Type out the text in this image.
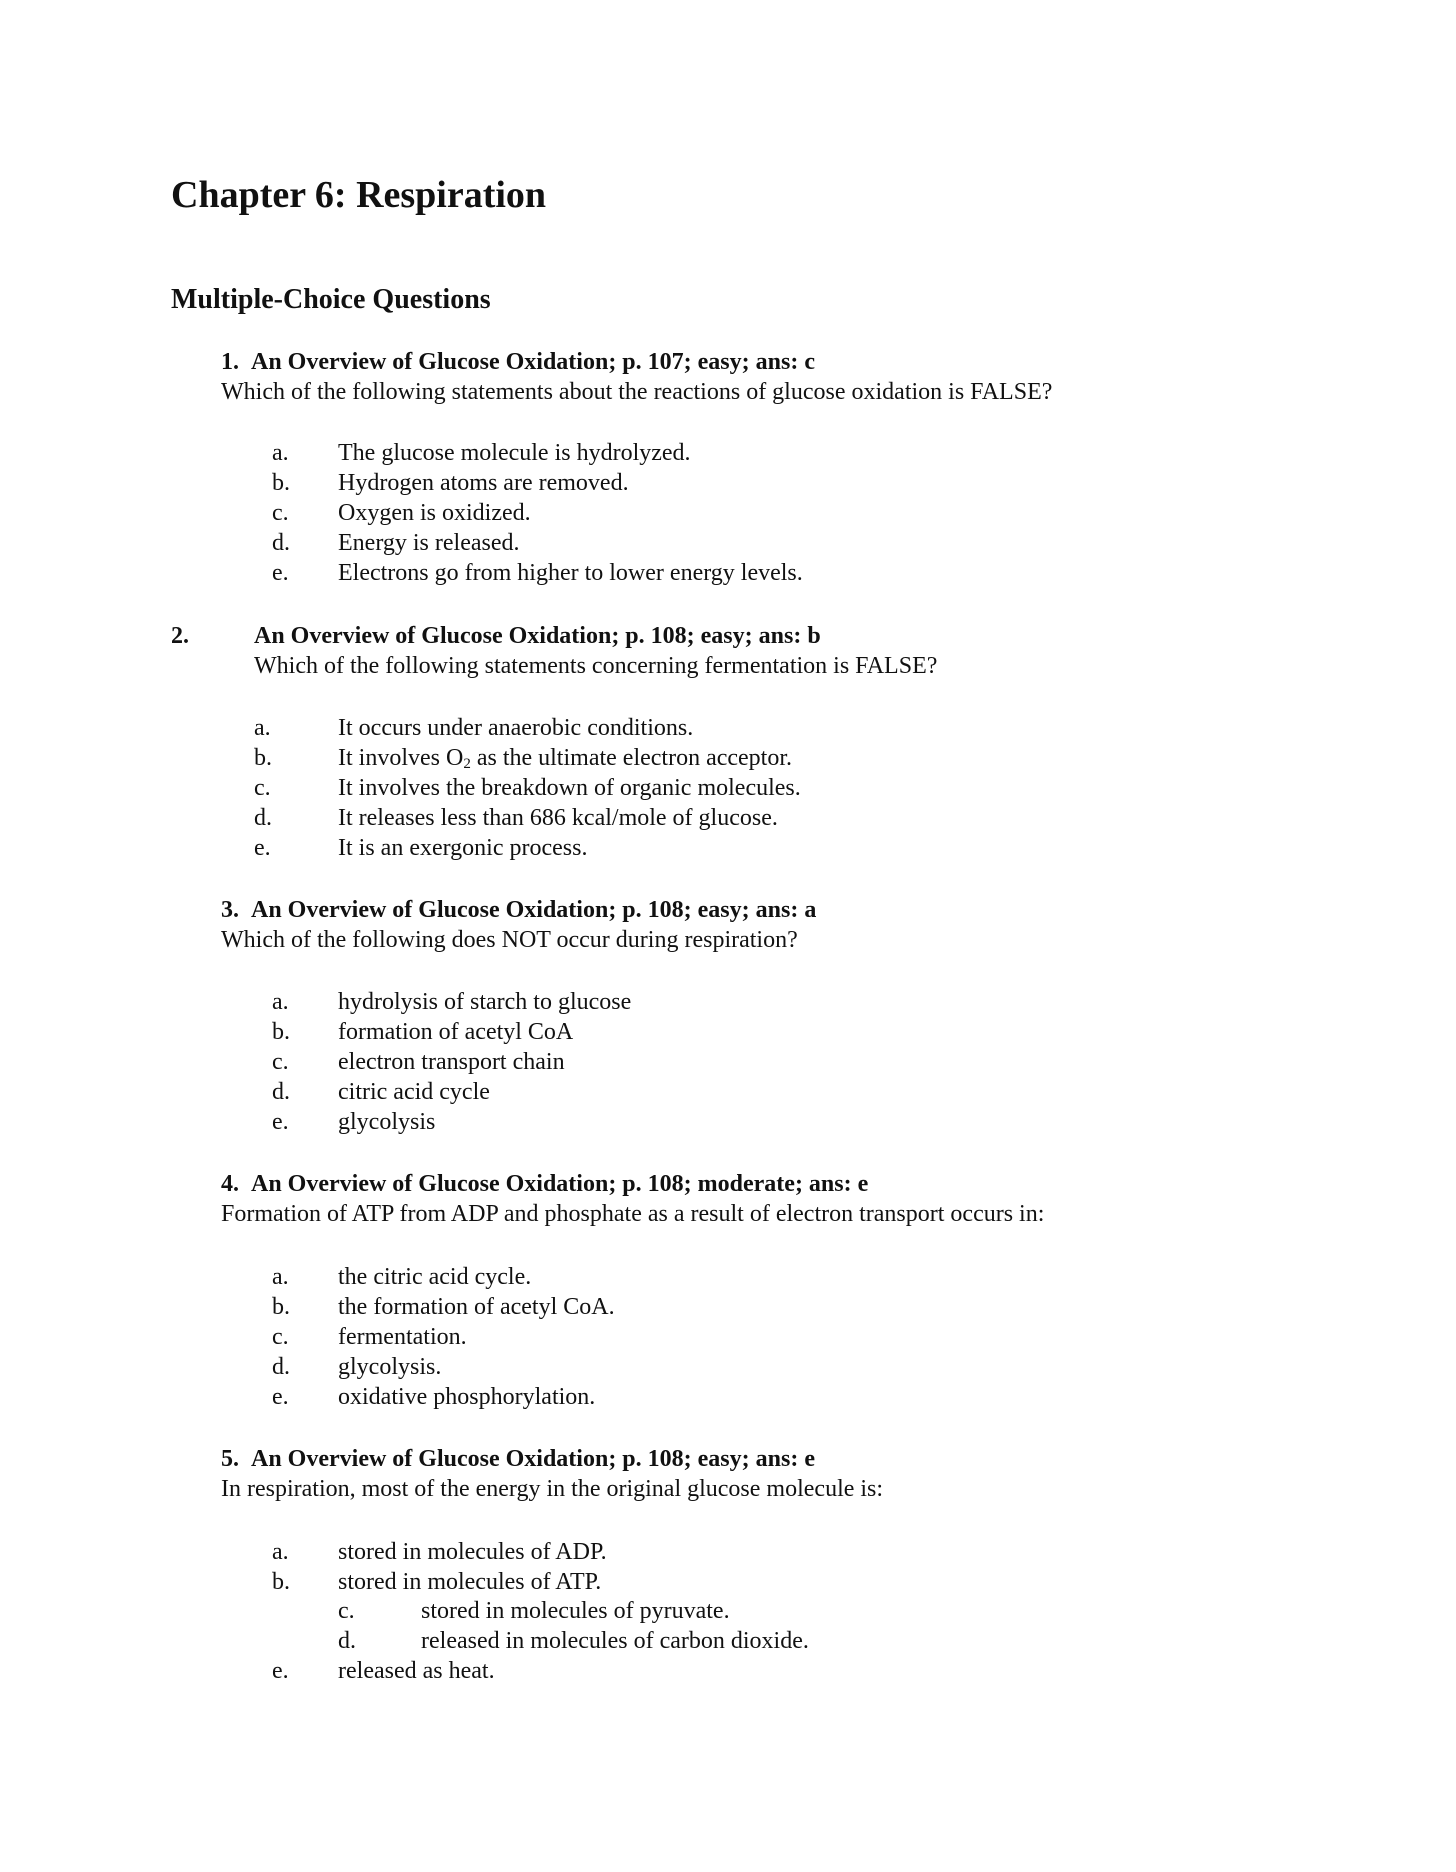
Chapter 6: Respiration
Multiple-Choice Questions
1. An Overview of Glucose Oxidation; p. 107; easy; ans: c
Which of the following statements about the reactions of glucose oxidation is FALSE?
a. The glucose molecule is hydrolyzed.
b. Hydrogen atoms are removed.
c. Oxygen is oxidized.
d. Energy is released.
e. Electrons go from higher to lower energy levels.
2.	An Overview of Glucose Oxidation; p. 108; easy; ans: b
Which of the following statements concerning fermentation is FALSE?
a.	It occurs under anaerobic conditions.
b.	It involves $O_2$ as the ultimate electron acceptor.
c.	It involves the breakdown of organic molecules.
d.	It releases less than 686 kcal/mole of glucose.
e.	It is an exergonic process.
3. An Overview of Glucose Oxidation; p. 108; easy; ans: a
Which of the following does NOT occur during respiration?
a. hydrolysis of starch to glucose
b. formation of acetyl CoA
c. electron transport chain
d. citric acid cycle
e. glycolysis
4. An Overview of Glucose Oxidation; p. 108; moderate; ans: e
Formation of ATP from ADP and phosphate as a result of electron transport occurs in:
a. the citric acid cycle.
b. the formation of acetyl CoA.
c. fermentation.
d. glycolysis.
e. oxidative phosphorylation.
5. An Overview of Glucose Oxidation; p. 108; easy; ans: e
In respiration, most of the energy in the original glucose molecule is:
a. stored in molecules of ADP.
b. stored in molecules of ATP.
c.	stored in molecules of pyruvate.
d.	released in molecules of carbon dioxide.
e. released as heat.
